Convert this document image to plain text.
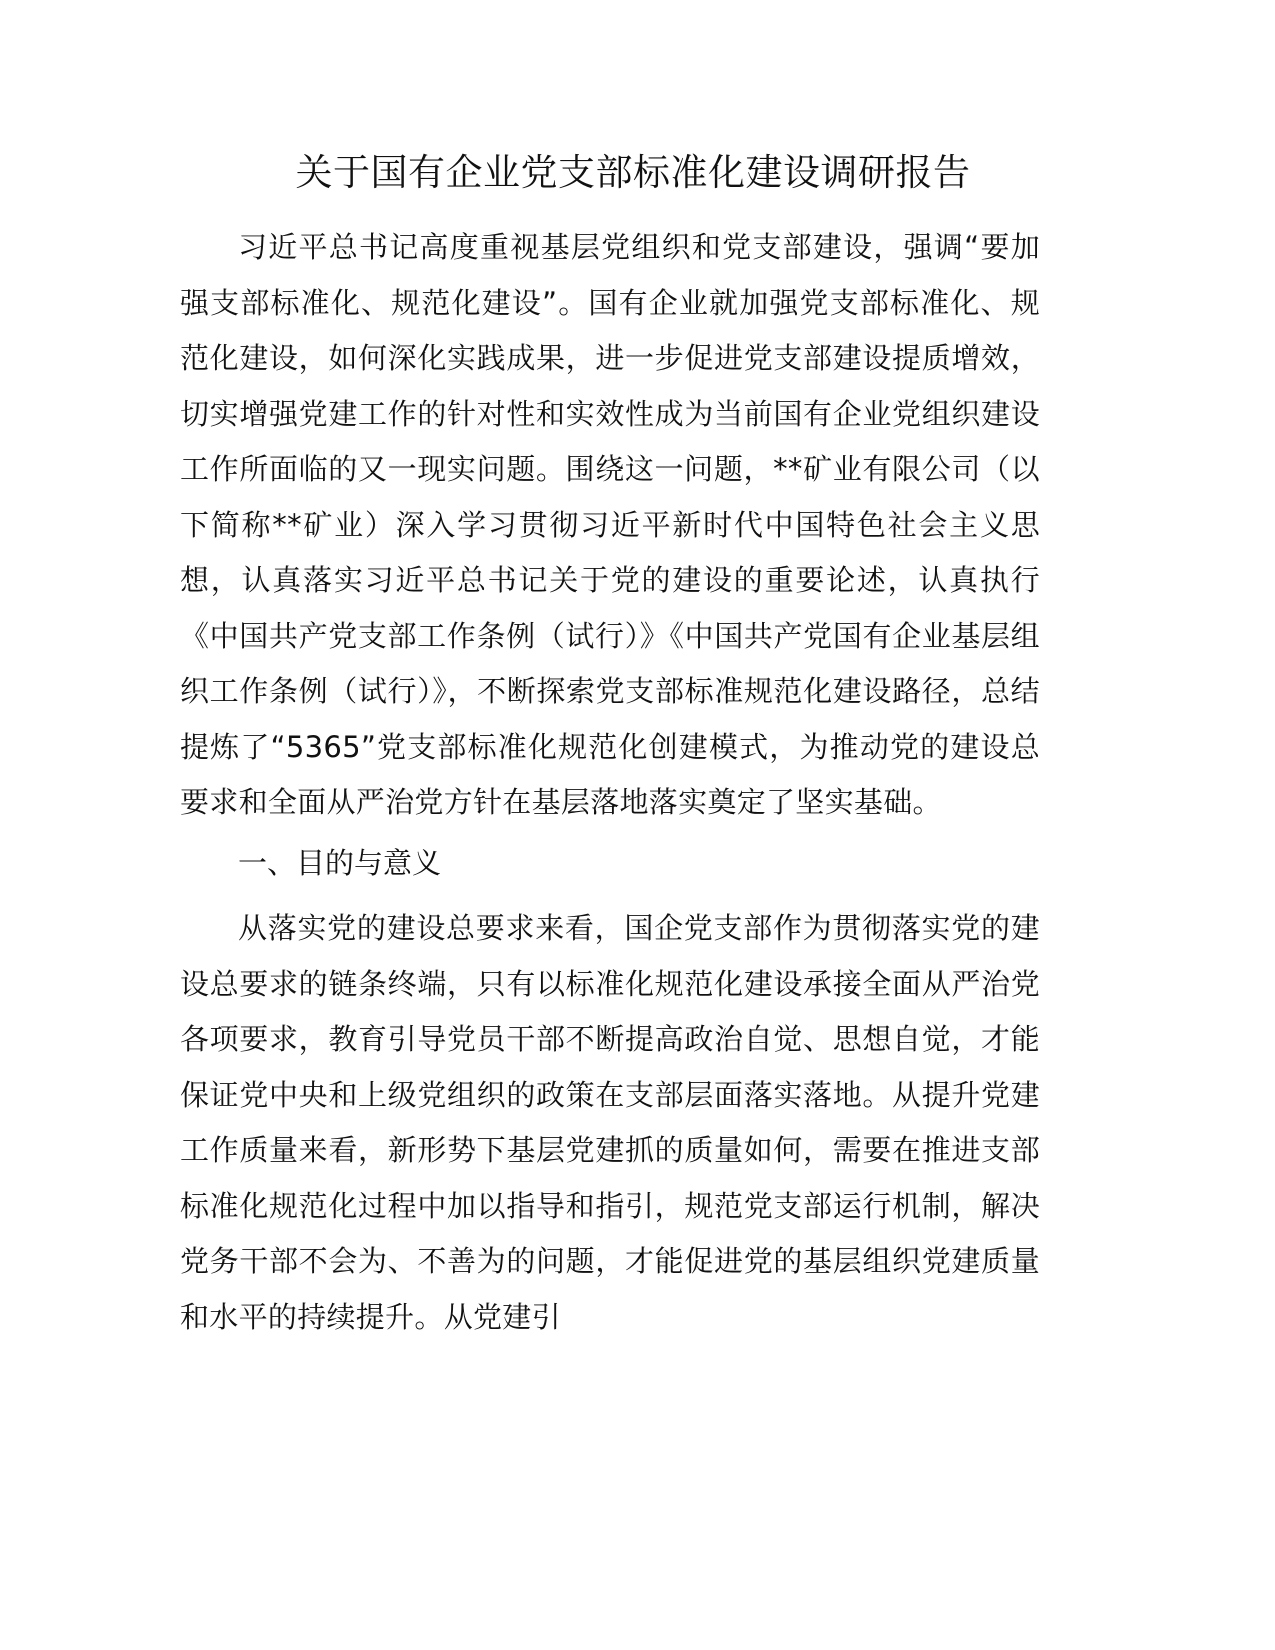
关于国有企业党支部标准化建设调研报告

习近平总书记高度重视基层党组织和党支部建设，强调“要加强支部标准化、规范化建设”。国有企业就加强党支部标准化、规范化建设，如何深化实践成果，进一步促进党支部建设提质增效，切实增强党建工作的针对性和实效性成为当前国有企业党组织建设工作所面临的又一现实问题。围绕这一问题，**矿业有限公司（以下简称**矿业）深入学习贯彻习近平新时代中国特色社会主义思想，认真落实习近平总书记关于党的建设的重要论述，认真执行《中国共产党支部工作条例（试行）》《中国共产党国有企业基层组织工作条例（试行）》，不断探索党支部标准规范化建设路径，总结提炼了“5365”党支部标准化规范化创建模式，为推动党的建设总要求和全面从严治党方针在基层落地落实奠定了坚实基础。

一、目的与意义

从落实党的建设总要求来看，国企党支部作为贯彻落实党的建设总要求的链条终端，只有以标准化规范化建设承接全面从严治党各项要求，教育引导党员干部不断提高政治自觉、思想自觉，才能保证党中央和上级党组织的政策在支部层面落实落地。从提升党建工作质量来看，新形势下基层党建抓的质量如何，需要在推进支部标准化规范化过程中加以指导和指引，规范党支部运行机制，解决党务干部不会为、不善为的问题，才能促进党的基层组织党建质量和水平的持续提升。从党建引
